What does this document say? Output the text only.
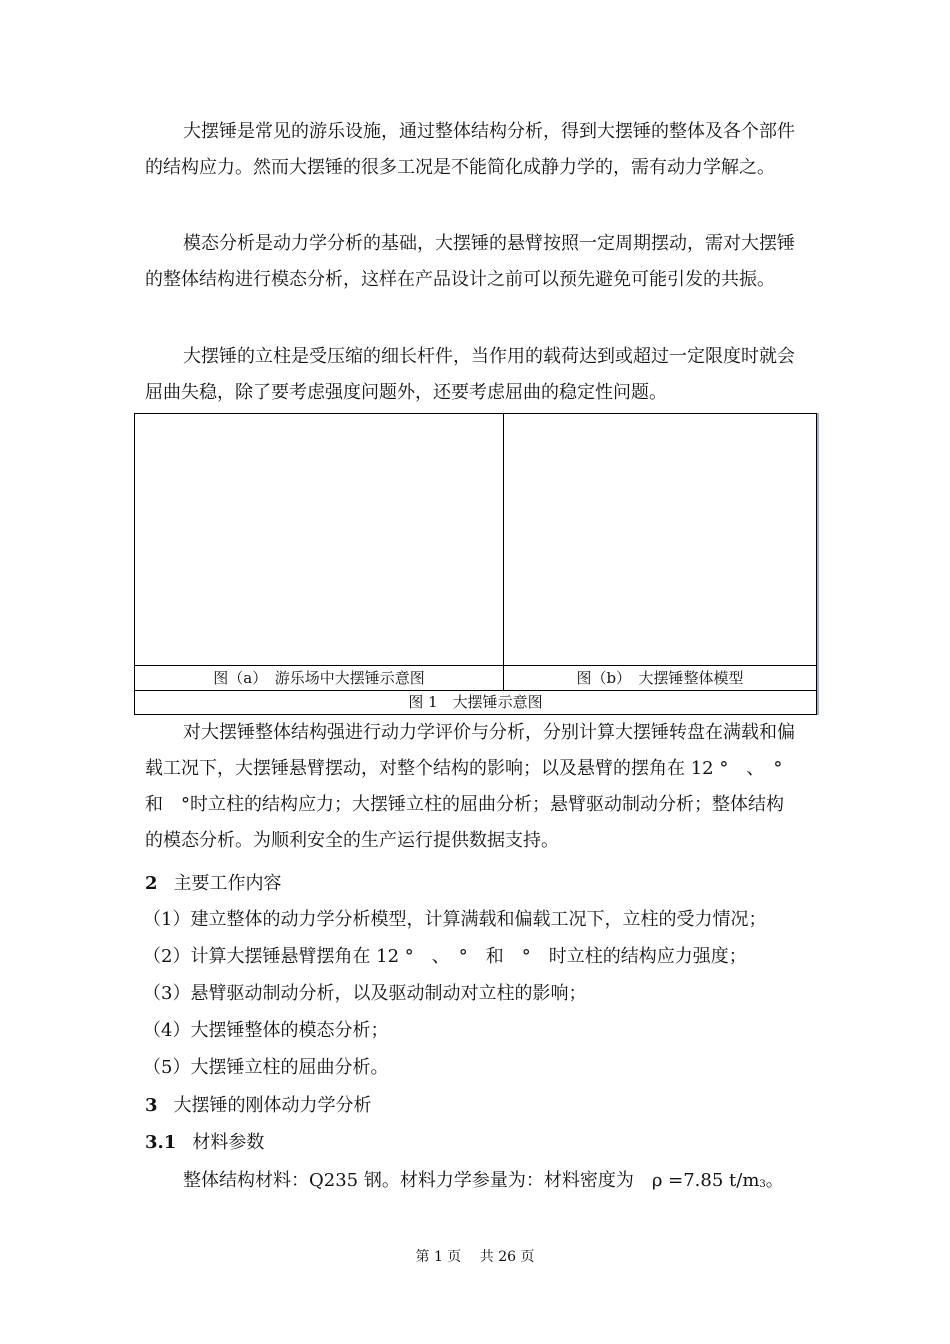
大摆锤是常见的游乐设施，通过整体结构分析，得到大摆锤的整体及各个部件的结构应力。然而大摆锤的很多工况是不能简化成静力学的，需有动力学解之。

模态分析是动力学分析的基础，大摆锤的悬臂按照一定周期摆动，需对大摆锤的整体结构进行模态分析，这样在产品设计之前可以预先避免可能引发的共振。

大摆锤的立柱是受压缩的细长杆件，当作用的载荷达到或超过一定限度时就会屈曲失稳，除了要考虑强度问题外，还要考虑屈曲的稳定性问题。

图（a）　游乐场中大摆锤示意图	图（b）　大摆锤整体模型
图 1　大摆锤示意图

对大摆锤整体结构强进行动力学评价与分析，分别计算大摆锤转盘在满载和偏载工况下，大摆锤悬臂摆动，对整个结构的影响；以及悬臂的摆角在 12 °　、　°和　°时立柱的结构应力；大摆锤立柱的屈曲分析；悬臂驱动制动分析；整体结构的模态分析。为顺利安全的生产运行提供数据支持。

2 主要工作内容
（1）建立整体的动力学分析模型，计算满载和偏载工况下，立柱的受力情况；
（2）计算大摆锤悬臂摆角在 12 °　、　°　和　°　时立柱的结构应力强度；
（3）悬臂驱动制动分析，以及驱动制动对立柱的影响；
（4）大摆锤整体的模态分析；
（5）大摆锤立柱的屈曲分析。
3 大摆锤的刚体动力学分析
3.1 材料参数
整体结构材料：Q235 钢。材料力学参量为：材料密度为　ρ =7.85 $t/m^3$。
第 1 页　 共 26 页
